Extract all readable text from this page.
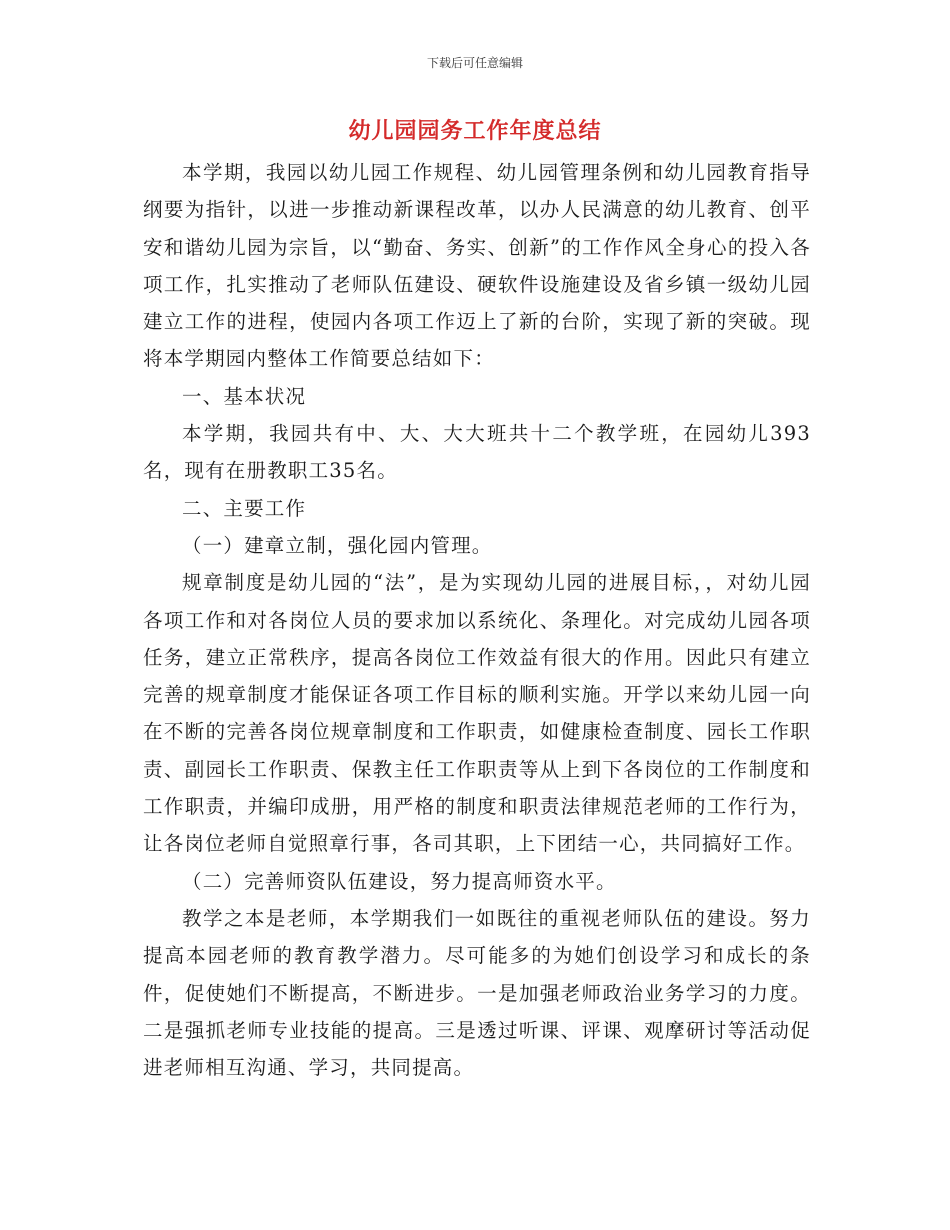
下载后可任意编辑
幼儿园园务工作年度总结

本学期，我园以幼儿园工作规程、幼儿园管理条例和幼儿园教育指导纲要为指针，以进一步推动新课程改革，以办人民满意的幼儿教育、创平安和谐幼儿园为宗旨，以“勤奋、务实、创新”的工作作风全身心的投入各项工作，扎实推动了老师队伍建设、硬软件设施建设及省乡镇一级幼儿园建立工作的进程，使园内各项工作迈上了新的台阶，实现了新的突破。现将本学期园内整体工作简要总结如下：

一、基本状况

本学期，我园共有中、大、大大班共十二个教学班，在园幼儿393名，现有在册教职工35名。

二、主要工作

（一）建章立制，强化园内管理。

规章制度是幼儿园的“法”，是为实现幼儿园的进展目标，，对幼儿园各项工作和对各岗位人员的要求加以系统化、条理化。对完成幼儿园各项任务，建立正常秩序，提高各岗位工作效益有很大的作用。因此只有建立完善的规章制度才能保证各项工作目标的顺利实施。开学以来幼儿园一向在不断的完善各岗位规章制度和工作职责，如健康检查制度、园长工作职责、副园长工作职责、保教主任工作职责等从上到下各岗位的工作制度和工作职责，并编印成册，用严格的制度和职责法律规范老师的工作行为，让各岗位老师自觉照章行事，各司其职，上下团结一心，共同搞好工作。

（二）完善师资队伍建设，努力提高师资水平。

教学之本是老师，本学期我们一如既往的重视老师队伍的建设。努力提高本园老师的教育教学潜力。尽可能多的为她们创设学习和成长的条件，促使她们不断提高，不断进步。一是加强老师政治业务学习的力度。二是强抓老师专业技能的提高。三是透过听课、评课、观摩研讨等活动促进老师相互沟通、学习，共同提高。
